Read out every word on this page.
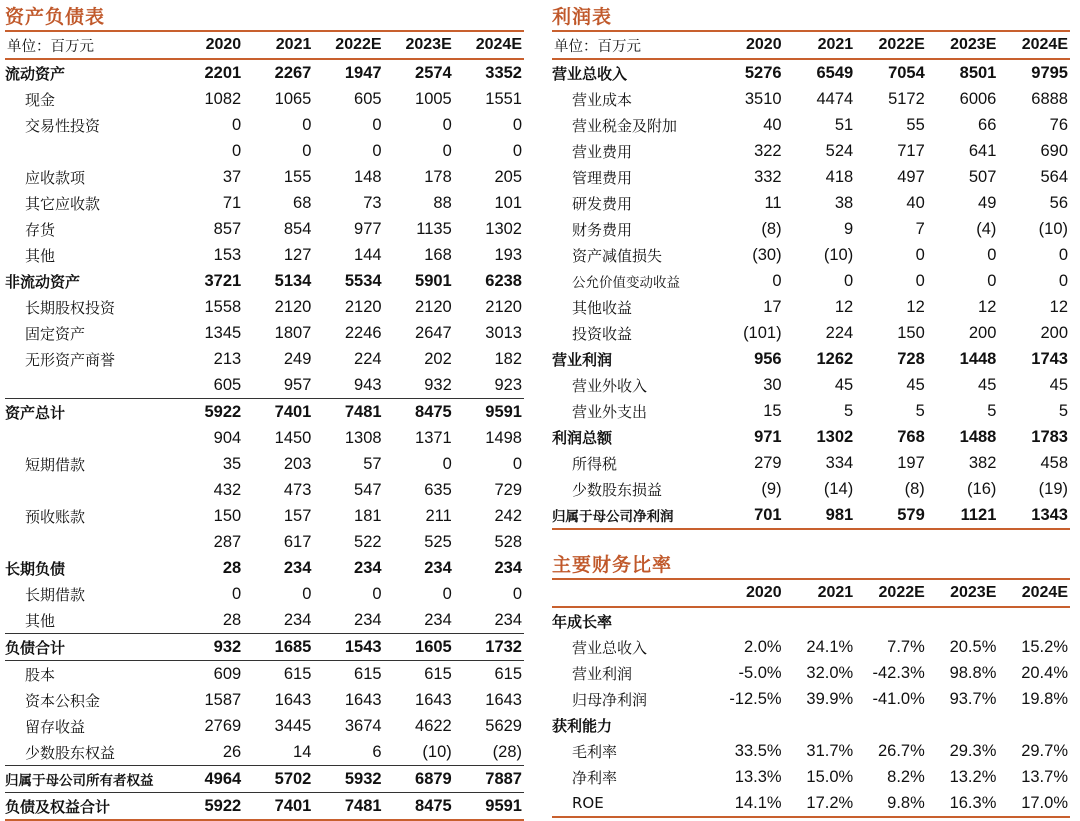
资产负债表
单位：百万元	2020	2021	2022E	2023E	2024E
流动资产	2201	2267	1947	2574	3352
现金	1082	1065	605	1005	1551
交易性投资	0	0	0	0	0
	0	0	0	0	0
应收款项	37	155	148	178	205
其它应收款	71	68	73	88	101
存货	857	854	977	1135	1302
其他	153	127	144	168	193
非流动资产	3721	5134	5534	5901	6238
长期股权投资	1558	2120	2120	2120	2120
固定资产	1345	1807	2246	2647	3013
无形资产商誉	213	249	224	202	182
	605	957	943	932	923
资产总计	5922	7401	7481	8475	9591
	904	1450	1308	1371	1498
短期借款	35	203	57	0	0
	432	473	547	635	729
预收账款	150	157	181	211	242
	287	617	522	525	528
长期负债	28	234	234	234	234
长期借款	0	0	0	0	0
其他	28	234	234	234	234
负债合计	932	1685	1543	1605	1732
股本	609	615	615	615	615
资本公积金	1587	1643	1643	1643	1643
留存收益	2769	3445	3674	4622	5629
少数股东权益	26	14	6	(10)	(28)
归属于母公司所有者权益	4964	5702	5932	6879	7887
负债及权益合计	5922	7401	7481	8475	9591
利润表
单位：百万元	2020	2021	2022E	2023E	2024E
营业总收入	5276	6549	7054	8501	9795
营业成本	3510	4474	5172	6006	6888
营业税金及附加	40	51	55	66	76
营业费用	322	524	717	641	690
管理费用	332	418	497	507	564
研发费用	11	38	40	49	56
财务费用	(8)	9	7	(4)	(10)
资产减值损失	(30)	(10)	0	0	0
公允价值变动收益	0	0	0	0	0
其他收益	17	12	12	12	12
投资收益	(101)	224	150	200	200
营业利润	956	1262	728	1448	1743
营业外收入	30	45	45	45	45
营业外支出	15	5	5	5	5
利润总额	971	1302	768	1488	1783
所得税	279	334	197	382	458
少数股东损益	(9)	(14)	(8)	(16)	(19)
归属于母公司净利润	701	981	579	1121	1343
主要财务比率
	2020	2021	2022E	2023E	2024E
年成长率					
营业总收入	2.0%	24.1%	7.7%	20.5%	15.2%
营业利润	-5.0%	32.0%	-42.3%	98.8%	20.4%
归母净利润	-12.5%	39.9%	-41.0%	93.7%	19.8%
获利能力					
毛利率	33.5%	31.7%	26.7%	29.3%	29.7%
净利率	13.3%	15.0%	8.2%	13.2%	13.7%
ROE	14.1%	17.2%	9.8%	16.3%	17.0%
